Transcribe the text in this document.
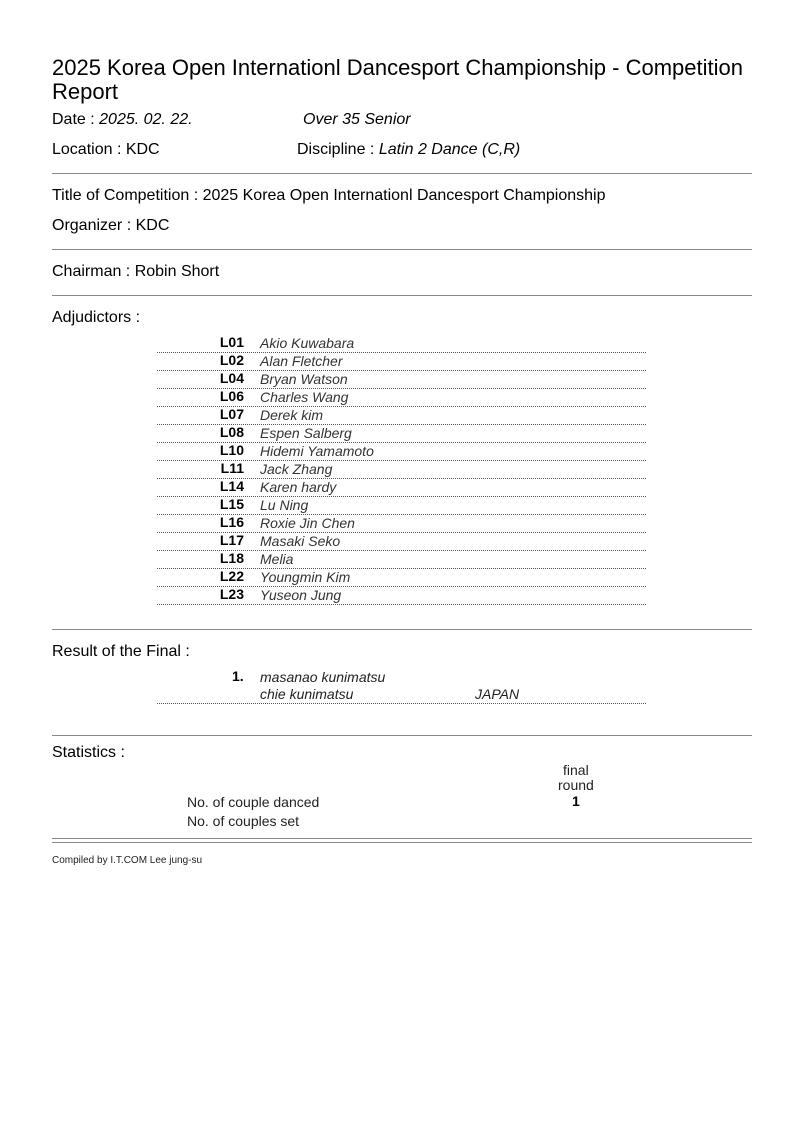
2025 Korea Open Internationl Dancesport Championship - Competition Report
Date : 2025. 02. 22.	Over 35 Senior
Location : KDC	Discipline : Latin 2 Dance (C,R)
Title of Competition : 2025 Korea Open Internationl Dancesport Championship
Organizer : KDC
Chairman : Robin Short
Adjudictors :
L01 Akio Kuwabara
L02 Alan Fletcher
L04 Bryan Watson
L06 Charles Wang
L07 Derek kim
L08 Espen Salberg
L10 Hidemi Yamamoto
L11 Jack Zhang
L14 Karen hardy
L15 Lu Ning
L16 Roxie Jin Chen
L17 Masaki Seko
L18 Melia
L22 Youngmin Kim
L23 Yuseon Jung
Result of the Final :
1. masanao kunimatsu
chie kunimatsu	JAPAN
Statistics :
final
round
No. of couple danced	1
No. of couples set
Compiled by I.T.COM Lee jung-su
